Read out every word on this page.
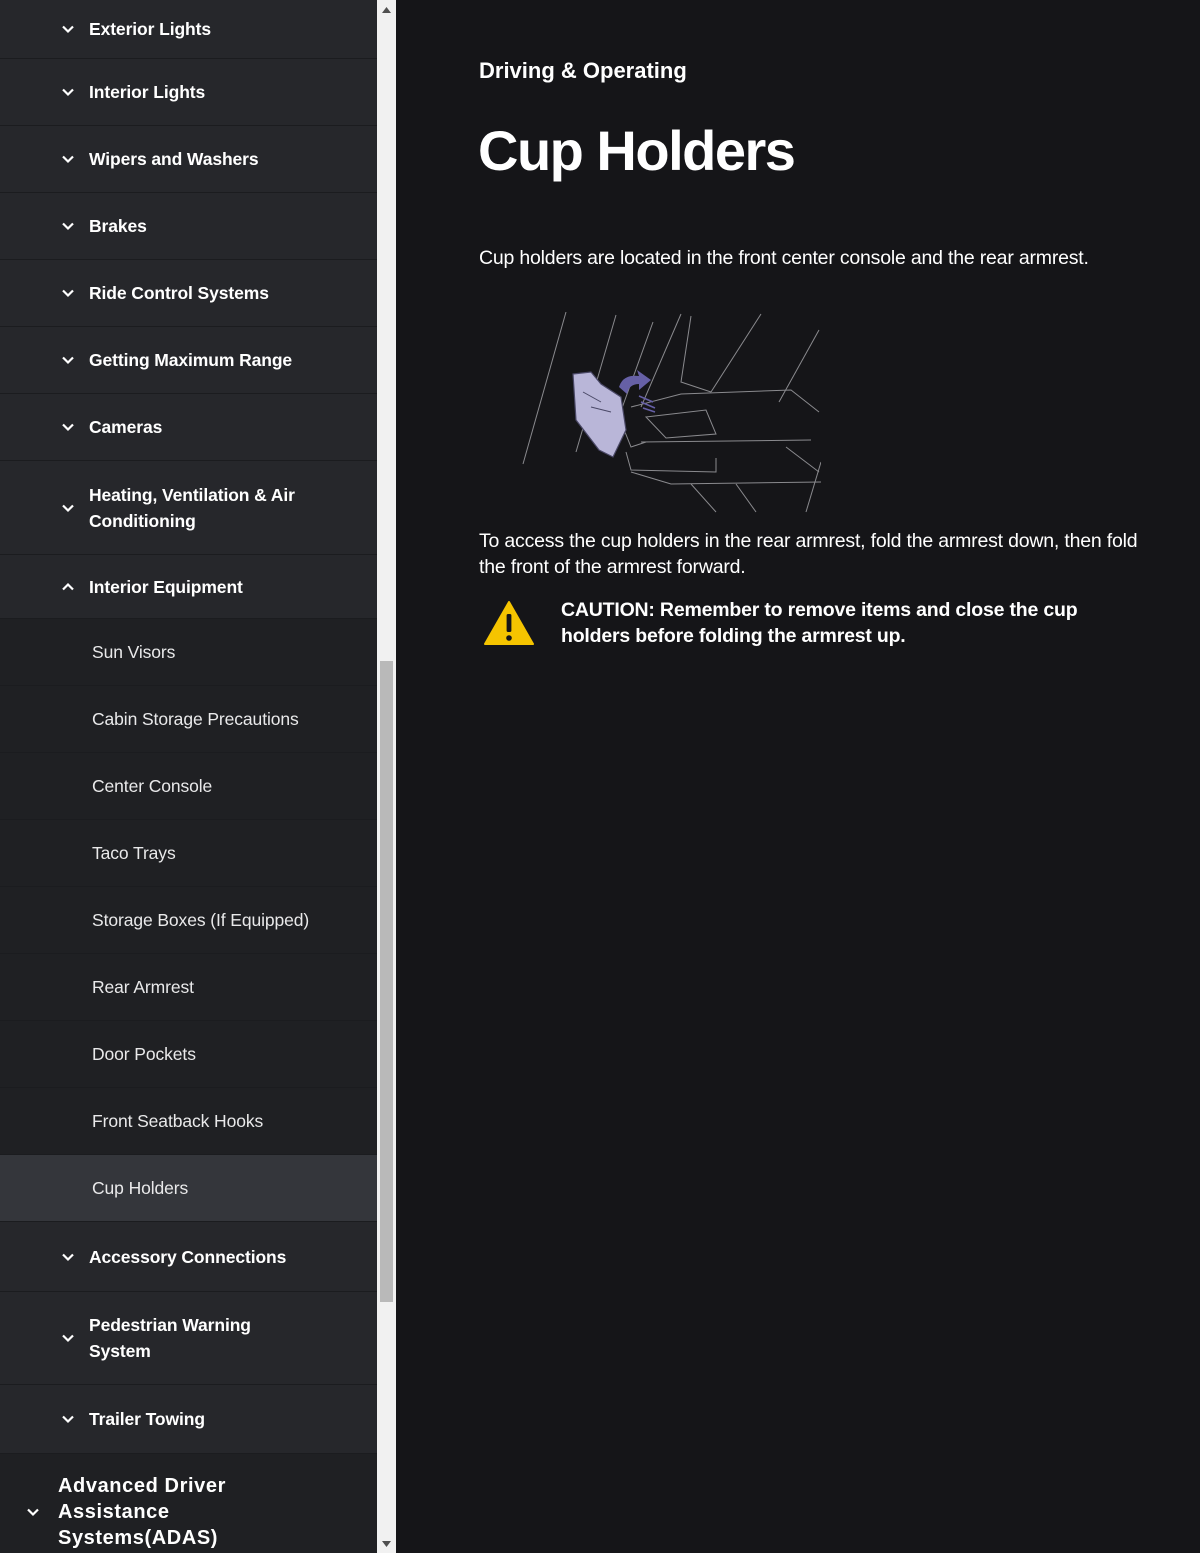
Exterior Lights
Interior Lights
Wipers and Washers
Brakes
Ride Control Systems
Getting Maximum Range
Cameras
Heating, Ventilation & Air Conditioning
Interior Equipment
Sun Visors
Cabin Storage Precautions
Center Console
Taco Trays
Storage Boxes (If Equipped)
Rear Armrest
Door Pockets
Front Seatback Hooks
Cup Holders
Accessory Connections
Pedestrian Warning System
Trailer Towing
Advanced Driver Assistance Systems(ADAS)
Driving & Operating
Cup Holders

Cup holders are located in the front center console and the rear armrest.

To access the cup holders in the rear armrest, fold the armrest down, then fold the front of the armrest forward.

CAUTION: Remember to remove items and close the cup holders before folding the armrest up.
